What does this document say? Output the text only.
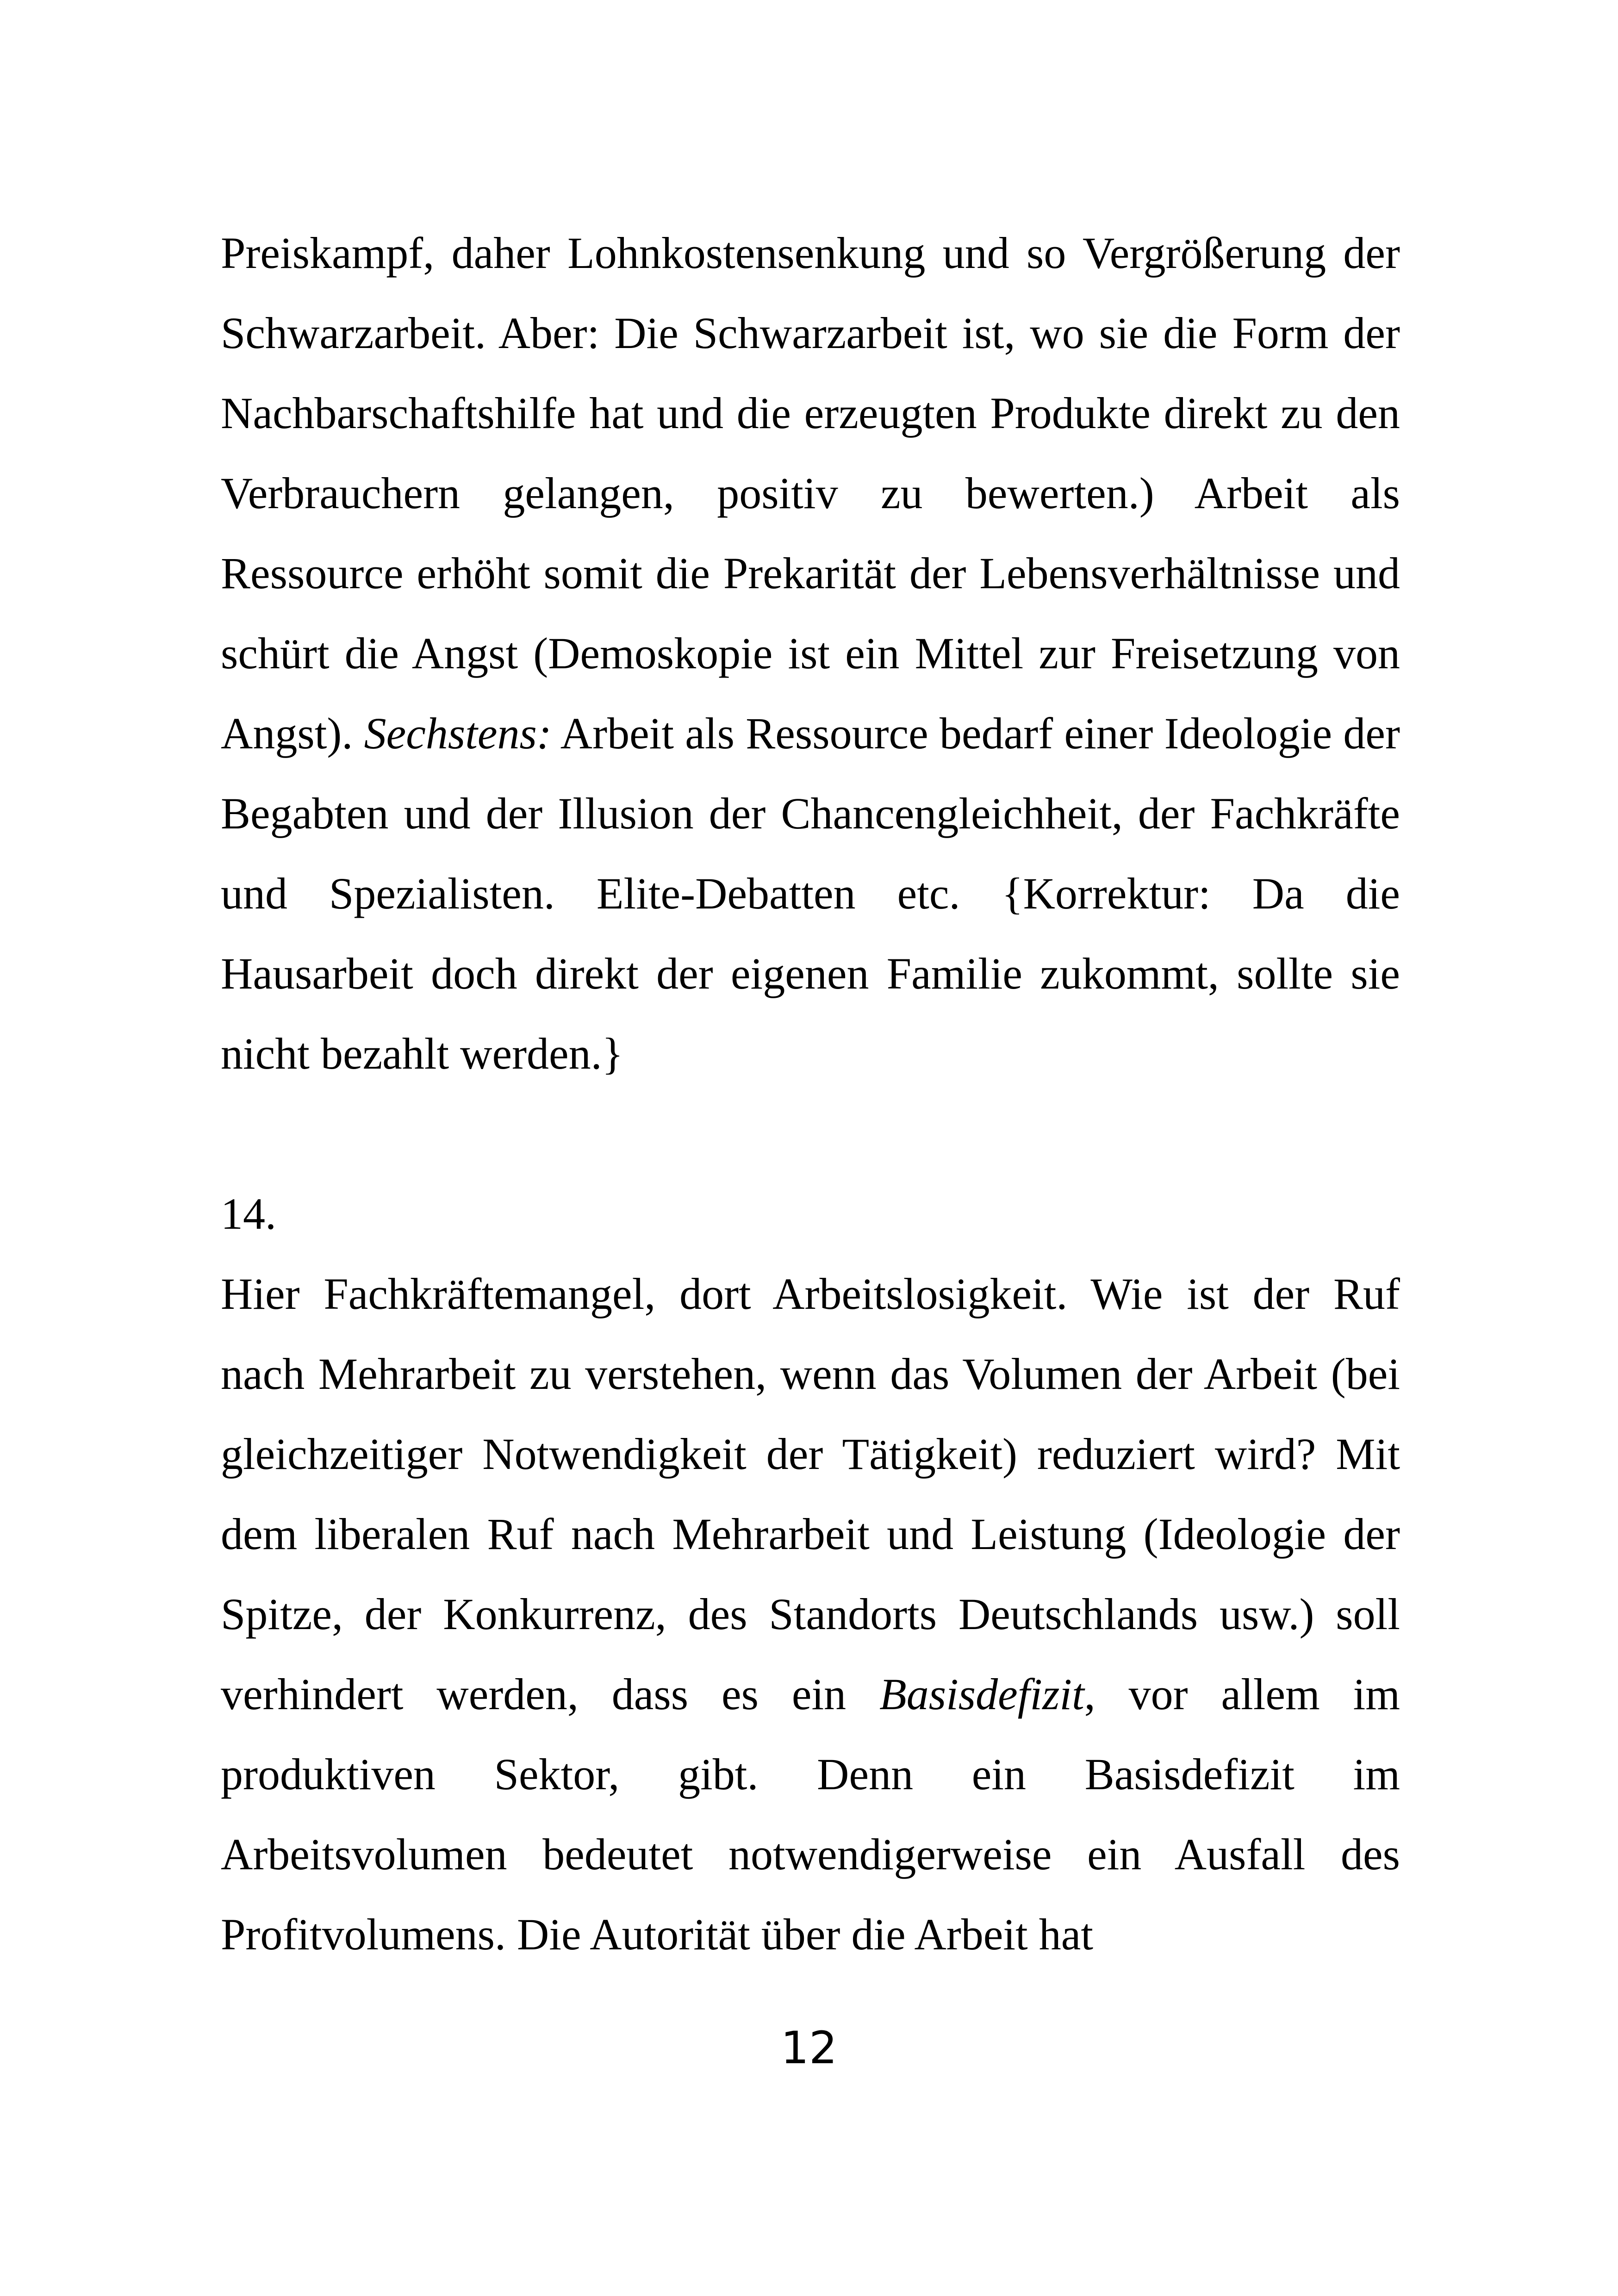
Preiskampf, daher Lohnkostensenkung und so Vergrößerung der Schwarzarbeit. Aber: Die Schwarzarbeit ist, wo sie die Form der Nachbarschaftshilfe hat und die erzeugten Produkte direkt zu den Verbrauchern gelangen, positiv zu bewerten.) Arbeit als Ressource erhöht somit die Prekarität der Lebensverhältnisse und schürt die Angst (Demoskopie ist ein Mittel zur Freisetzung von Angst). Sechstens: Arbeit als Ressource bedarf einer Ideologie der Begabten und der Illusion der Chancengleichheit, der Fachkräfte und Spezialisten. Elite-Debatten etc. {Korrektur: Da die Hausarbeit doch direkt der eigenen Familie zukommt, sollte sie nicht bezahlt werden.}

14.

Hier Fachkräftemangel, dort Arbeitslosigkeit. Wie ist der Ruf nach Mehrarbeit zu verstehen, wenn das Volumen der Arbeit (bei gleichzeitiger Notwendigkeit der Tätigkeit) reduziert wird? Mit dem liberalen Ruf nach Mehrarbeit und Leistung (Ideologie der Spitze, der Konkurrenz, des Standorts Deutschlands usw.) soll verhindert werden, dass es ein Basisdefizit, vor allem im produktiven Sektor, gibt. Denn ein Basisdefizit im Arbeitsvolumen bedeutet notwendigerweise ein Ausfall des Profitvolumens. Die Autorität über die Arbeit hat

12
